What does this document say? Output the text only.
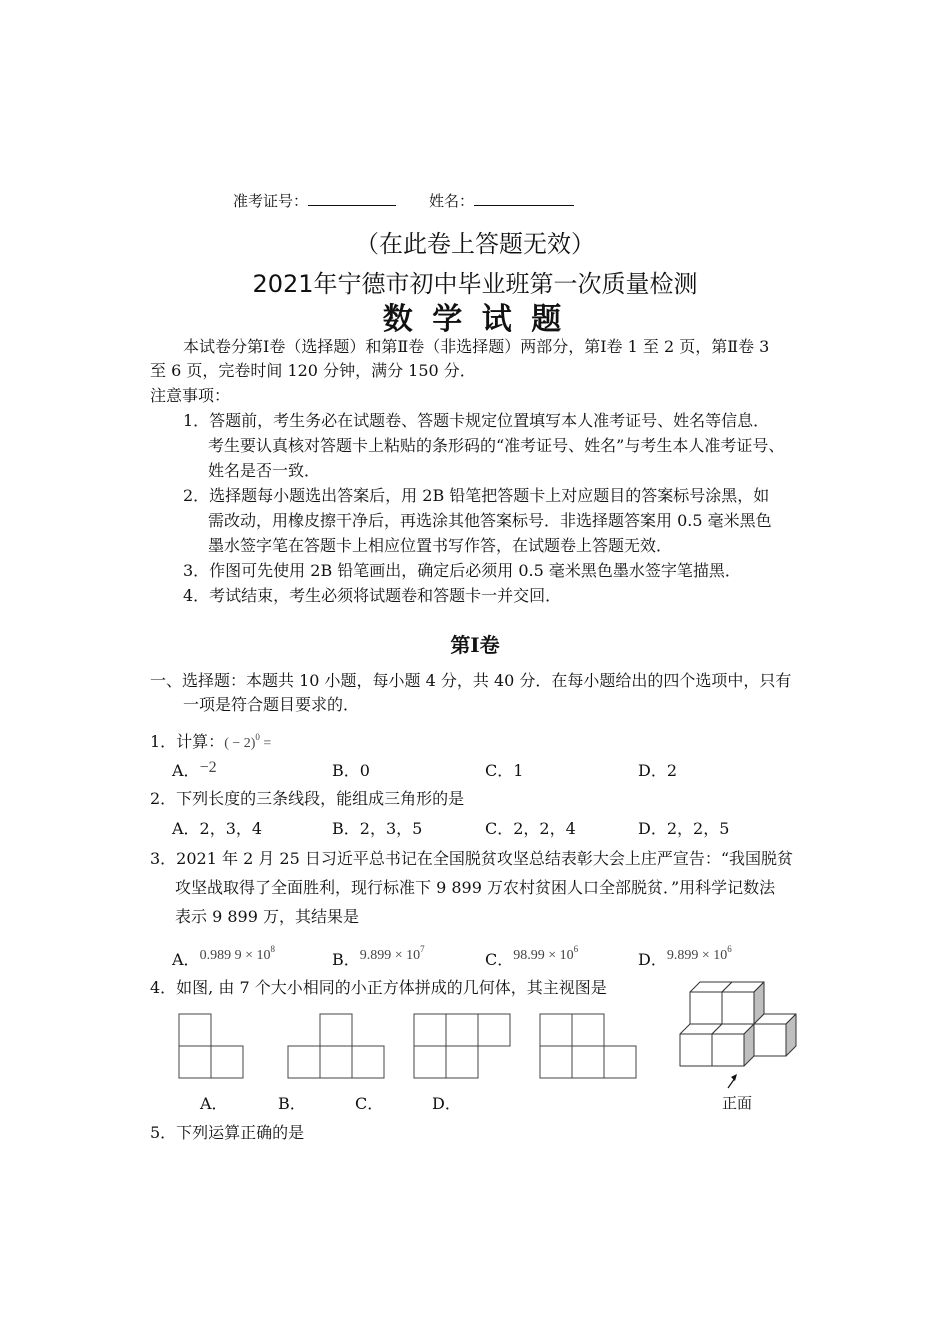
准考证号：	姓名：
（在此卷上答题无效）
2021年宁德市初中毕业班第一次质量检测
数 学 试 题
本试卷分第Ⅰ卷（选择题）和第Ⅱ卷（非选择题）两部分，第Ⅰ卷 1 至 2 页，第Ⅱ卷 3
至 6 页，完卷时间 120 分钟，满分 150 分．
注意事项：
1．答题前，考生务必在试题卷、答题卡规定位置填写本人准考证号、姓名等信息．
考生要认真核对答题卡上粘贴的条形码的“准考证号、姓名”与考生本人准考证号、
姓名是否一致．
2．选择题每小题选出答案后，用 2B 铅笔把答题卡上对应题目的答案标号涂黑，如
需改动，用橡皮擦干净后，再选涂其他答案标号．非选择题答案用 0.5 毫米黑色
墨水签字笔在答题卡上相应位置书写作答，在试题卷上答题无效．
3．作图可先使用 2B 铅笔画出，确定后必须用 0.5 毫米黑色墨水签字笔描黑．
4．考试结束，考生必须将试题卷和答题卡一并交回．
第Ⅰ卷
一、选择题：本题共 10 小题，每小题 4 分，共 40 分．在每小题给出的四个选项中，只有
一项是符合题目要求的．
1．计算：( − 2)$^0$ =
A．−2	B．0	C．1	D．2
2．下列长度的三条线段，能组成三角形的是
A．2，3，4	B．2，3，5	C．2，2，4	D．2，2，5
3．2021 年 2 月 25 日习近平总书记在全国脱贫攻坚总结表彰大会上庄严宣告：“我国脱贫
攻坚战取得了全面胜利，现行标准下 9 899 万农村贫困人口全部脱贫．”用科学记数法
表示 9 899 万，其结果是
A．0.989 $9 \times 10^8$
B．$9.899 \times 10^7$
C．$98.99 \times 10^6$
D．$9.899 \times 10^6$
4．如图, 由 7 个大小相同的小正方体拼成的几何体，其主视图是
A．	B．	C．	D．	正面
5．下列运算正确的是
